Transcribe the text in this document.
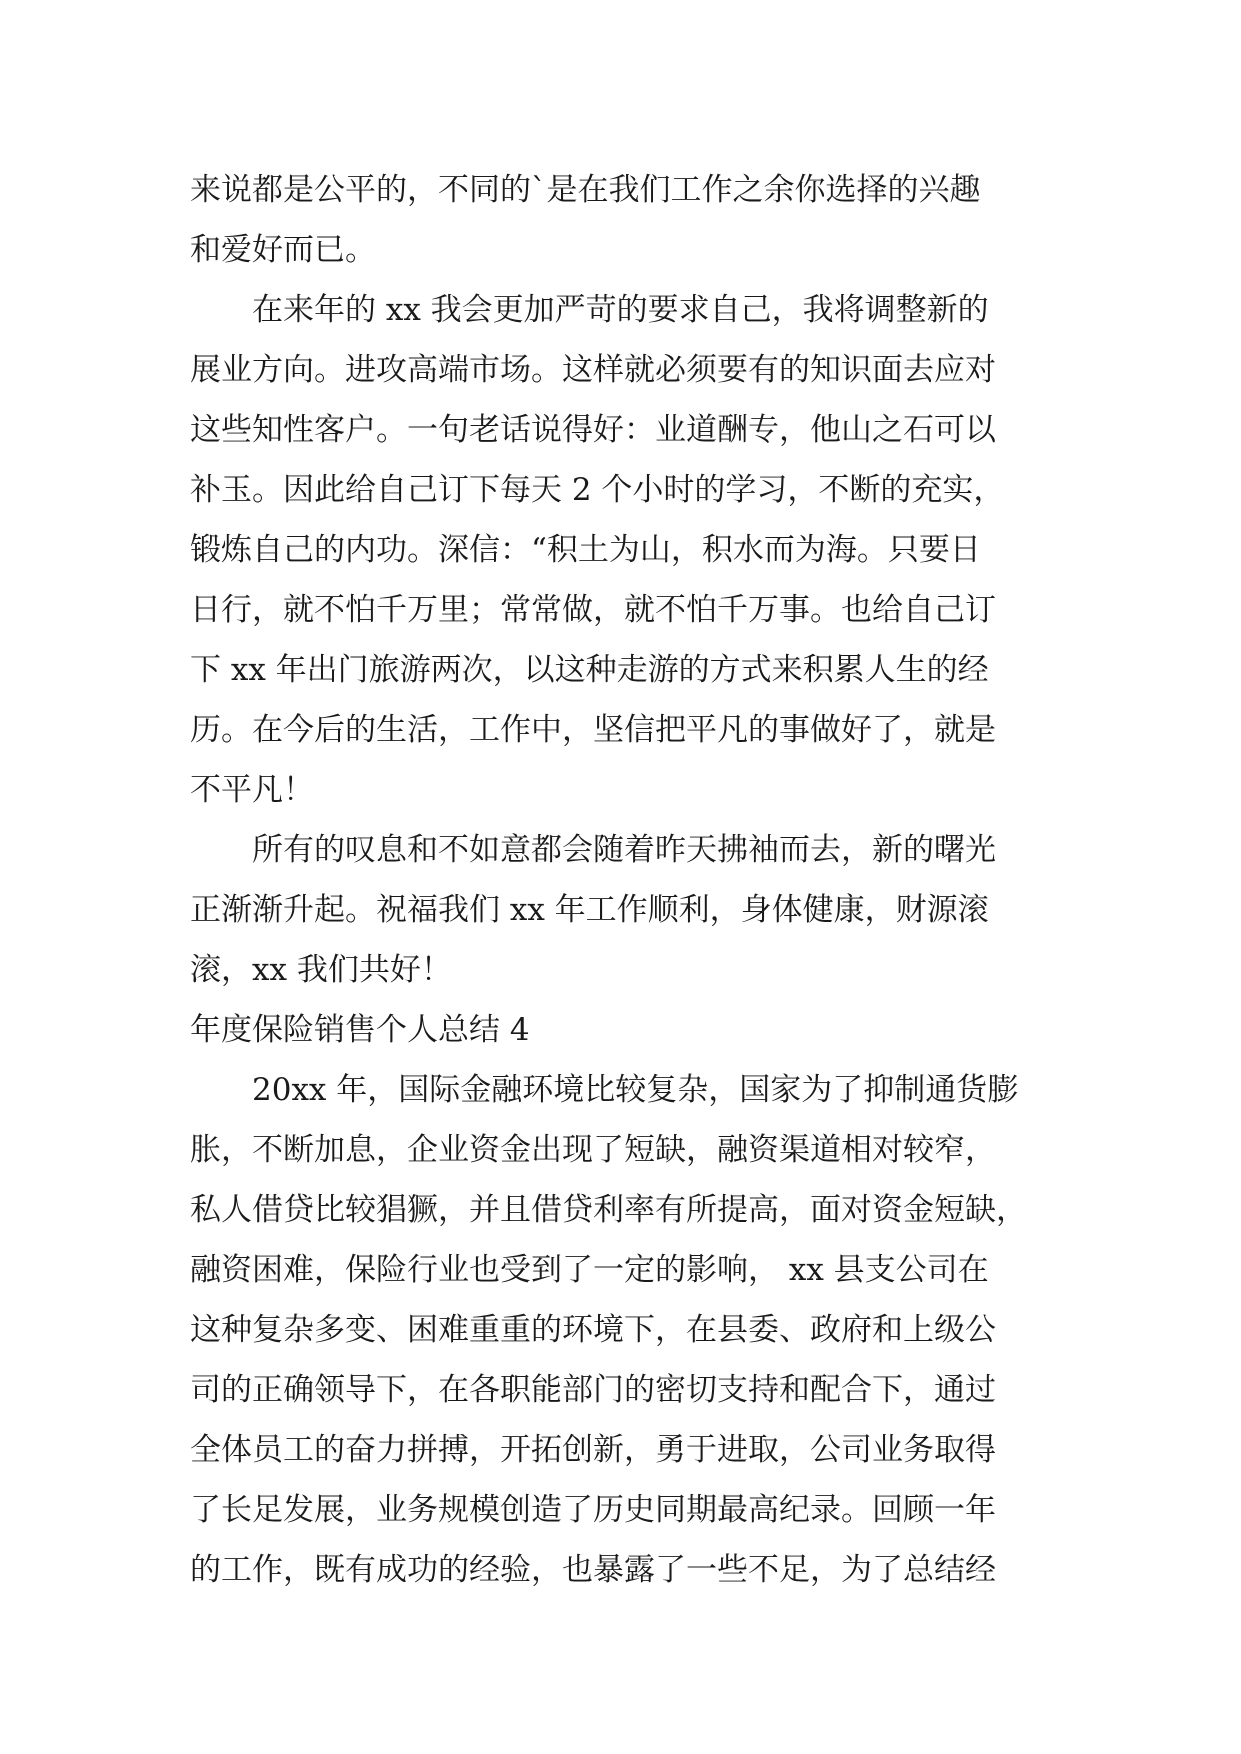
来说都是公平的，不同的`是在我们工作之余你选择的兴趣
和爱好而已。
　　在来年的 xx 我会更加严苛的要求自己，我将调整新的
展业方向。进攻高端市场。这样就必须要有的知识面去应对
这些知性客户。一句老话说得好：业道酬专，他山之石可以
补玉。因此给自己订下每天 2 个小时的学习，不断的充实，
锻炼自己的内功。深信：“积土为山，积水而为海。只要日
日行，就不怕千万里；常常做，就不怕千万事。也给自己订
下 xx 年出门旅游两次，以这种走游的方式来积累人生的经
历。在今后的生活，工作中，坚信把平凡的事做好了，就是
不平凡！
　　所有的叹息和不如意都会随着昨天拂袖而去，新的曙光
正渐渐升起。祝福我们 xx 年工作顺利，身体健康，财源滚
滚，xx 我们共好！
年度保险销售个人总结 4
　　20xx 年，国际金融环境比较复杂，国家为了抑制通货膨
胀，不断加息，企业资金出现了短缺，融资渠道相对较窄，
私人借贷比较猖獗，并且借贷利率有所提高，面对资金短缺，
融资困难，保险行业也受到了一定的影响， xx 县支公司在
这种复杂多变、困难重重的环境下，在县委、政府和上级公
司的正确领导下，在各职能部门的密切支持和配合下，通过
全体员工的奋力拼搏，开拓创新，勇于进取，公司业务取得
了长足发展，业务规模创造了历史同期最高纪录。回顾一年
的工作，既有成功的经验，也暴露了一些不足，为了总结经
